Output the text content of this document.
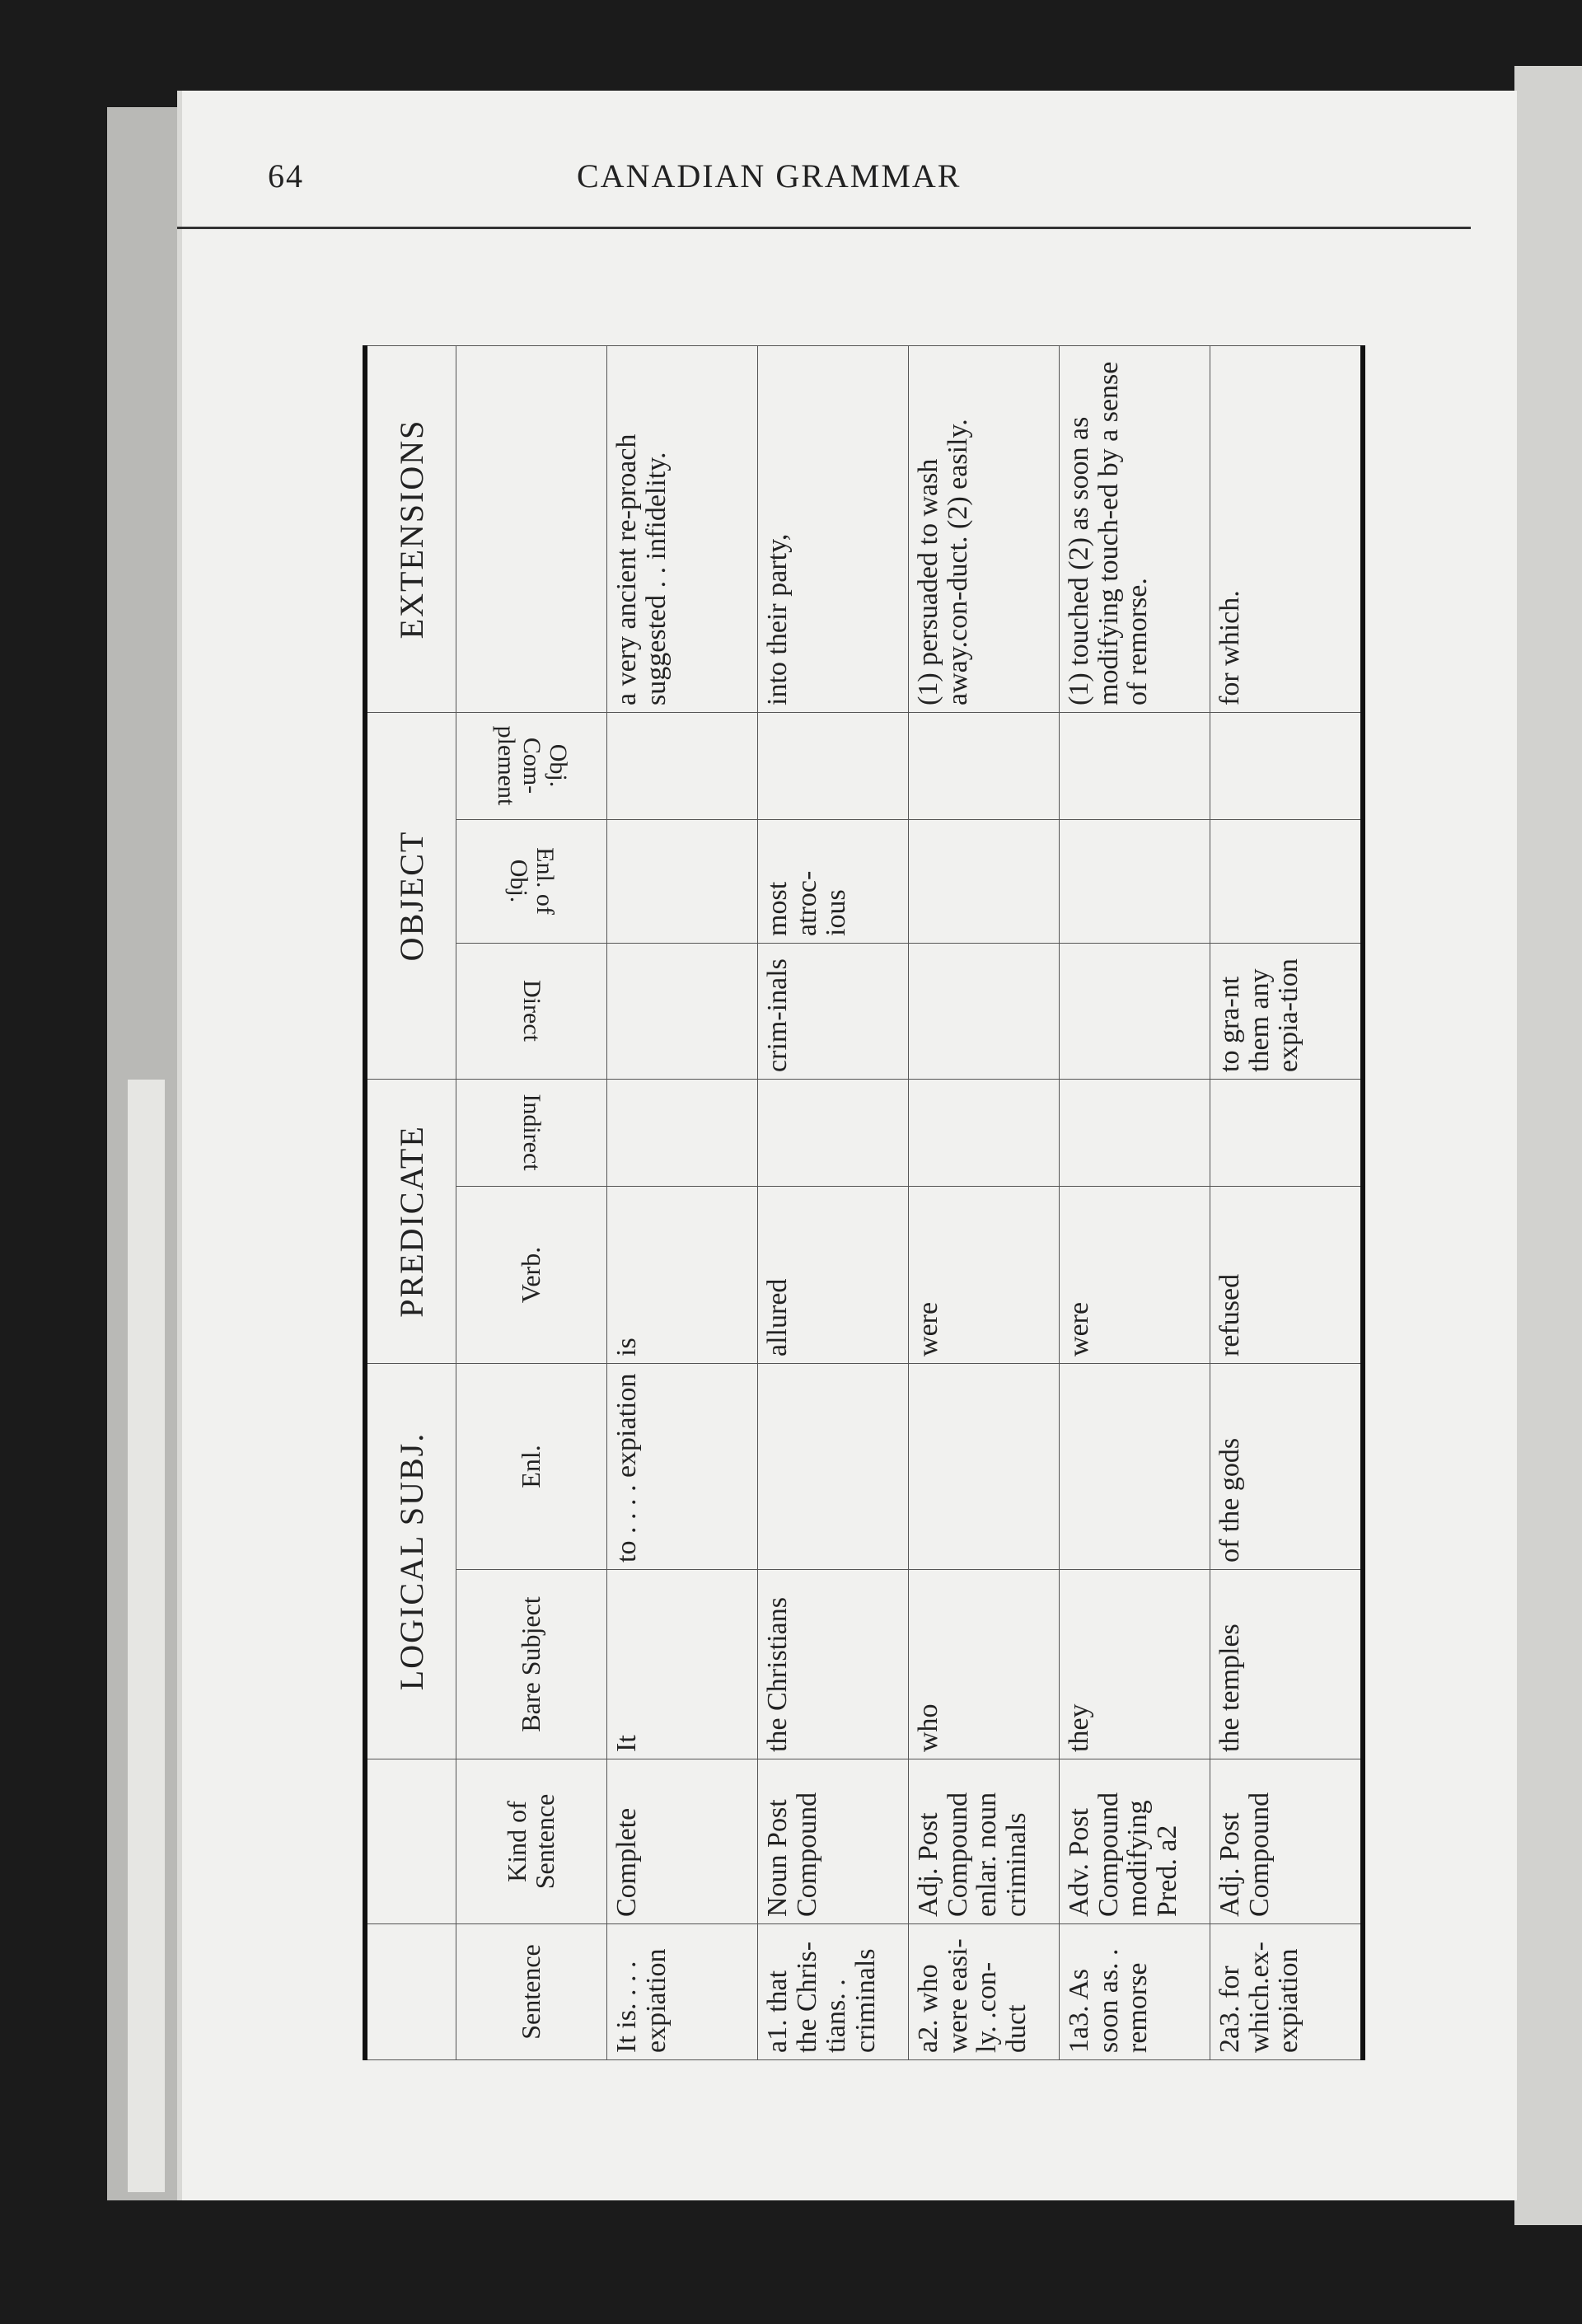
64	CANADIAN GRAMMAR
		LOGICAL SUBJ.		PREDICATE		OBJECT			EXTENSIONS
Sentence	Kind of Sentence	Bare Subject	Enl.	Verb.	Indirect	Direct	Enl. of Obj.	Obj. Com-plement	
It is. . . . expiation	Complete	It	to . . . . expiation	is					a very ancient re-proach suggested . . infidelity.
a1. that the Chris-tians. . criminals	Noun Post Compound	the Christians		allured		crim-inals	most atroc-ious		into their party,
a2. who were easi-ly. .con-duct	Adj. Post Compound enlar. noun criminals	who		were					(1) persuaded to wash away.con-duct. (2) easily.
1a3. As soon as. . remorse	Adv. Post Compound modifying Pred. a2	they		were					(1) touched (2) as soon as modifying touch-ed by a sense of remorse.
2a3. for which.ex-expiation	Adj. Post Compound	the temples	of the gods	refused		to gra-nt them any expia-tion			for which.
